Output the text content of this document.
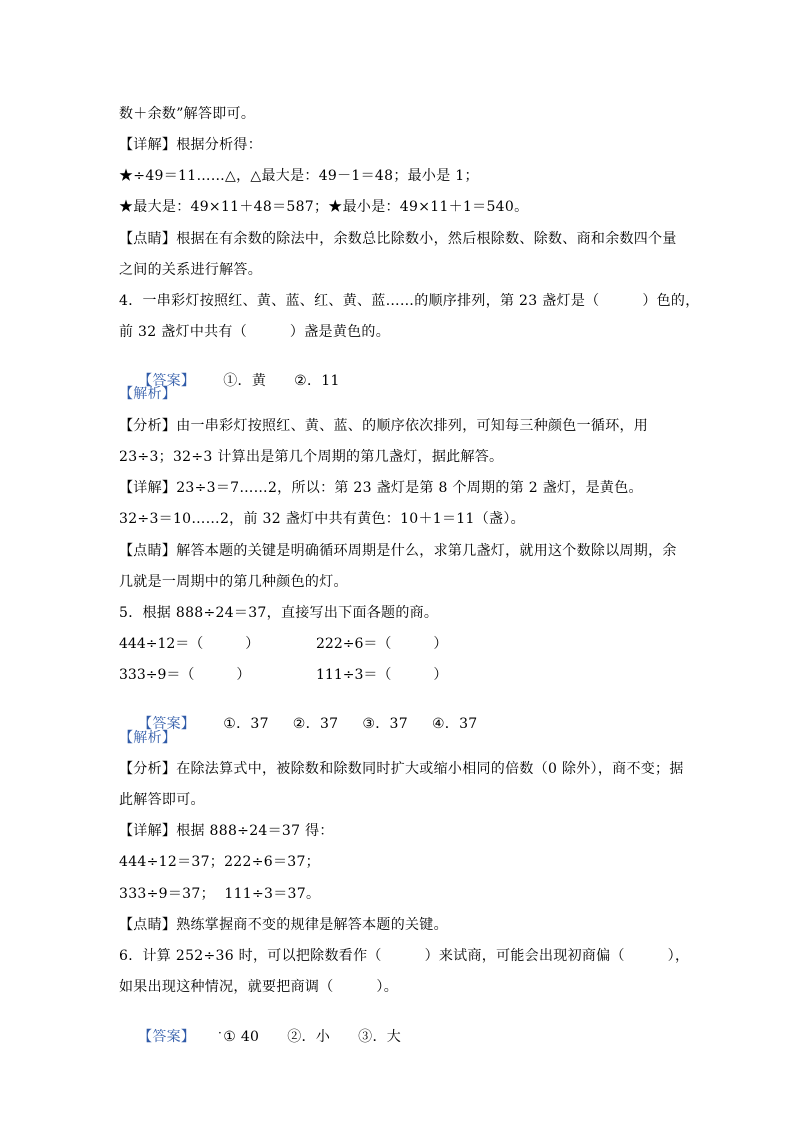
数＋余数”解答即可。
【详解】根据分析得：
★÷49＝11……△，△最大是：49－1＝48；最小是 1；
★最大是：49×11＋48＝587；★最小是：49×11＋1＝540。
【点睛】根据在有余数的除法中，余数总比除数小，然后根除数、除数、商和余数四个量
之间的关系进行解答。
4．一串彩灯按照红、黄、蓝、红、黄、蓝……的顺序排列，第 23 盏灯是（　　　）色的，
前 32 盏灯中共有（　　　）盏是黄色的。

【答案】 ①．黄 ②．11

【解析】
【分析】由一串彩灯按照红、黄、蓝、的顺序依次排列，可知每三种颜色一循环，用
23÷3；32÷3 计算出是第几个周期的第几盏灯，据此解答。
【详解】23÷3＝7……2，所以：第 23 盏灯是第 8 个周期的第 2 盏灯，是黄色。
32÷3＝10……2，前 32 盏灯中共有黄色：10＋1＝11（盏）。
【点睛】解答本题的关键是明确循环周期是什么，求第几盏灯，就用这个数除以周期，余
几就是一周期中的第几种颜色的灯。
5．根据 888÷24＝37，直接写出下面各题的商。
444÷12＝（　　　）	222÷6＝（　　　）
333÷9＝（　　　）	111÷3＝（　　　）

【答案】 ①．37 ②．37 ③．37 ④．37

【解析】
【分析】在除法算式中，被除数和除数同时扩大或缩小相同的倍数（0 除外），商不变；据
此解答即可。
【详解】根据 888÷24＝37 得：
444÷12＝37；222÷6＝37；
333÷9＝37；  111÷3＝37。
【点睛】熟练掌握商不变的规律是解答本题的关键。
6．计算 252÷36 时，可以把除数看作（　　　）来试商，可能会出现初商偏（　　　），
如果出现这种情况，就要把商调（　　　）。

【答案】 ① 40 ②．小 ③．大

·
